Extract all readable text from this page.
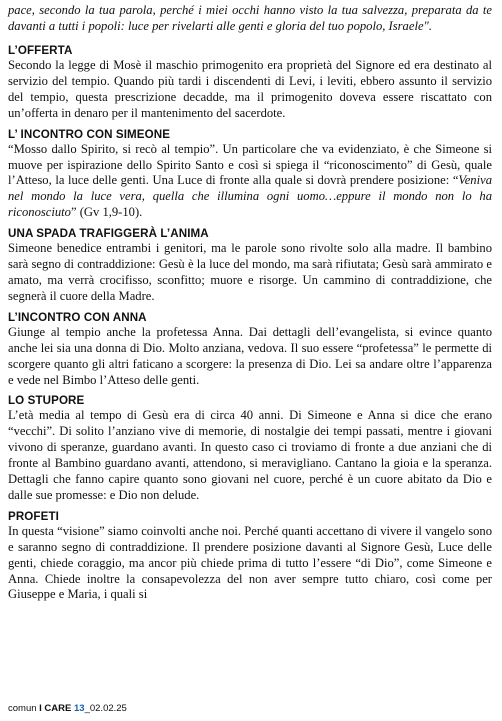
pace, secondo la tua parola, perché i miei occhi hanno visto la tua salvezza, preparata da te davanti a tutti i popoli: luce per rivelarti alle genti e gloria del tuo popolo, Israele".

L’OFFERTA

Secondo la legge di Mosè il maschio primogenito era proprietà del Signore ed era destinato al servizio del tempio. Quando più tardi i discendenti di Levi, i leviti, ebbero assunto il servizio del tempio, questa prescrizione decadde, ma il primogenito doveva essere riscattato con un’offerta in denaro per il mantenimento del sacerdote.

L’ INCONTRO CON SIMEONE

“Mosso dallo Spirito, si recò al tempio”. Un particolare che va evidenziato, è che Simeone si muove per ispirazione dello Spirito Santo e così si spiega il “riconoscimento” di Gesù, quale l’Atteso, la luce delle genti. Una Luce di fronte alla quale si dovrà prendere posizione: “Veniva nel mondo la luce vera, quella che illumina ogni uomo…eppure il mondo non lo ha riconosciuto” (Gv 1,9-10).

UNA SPADA TRAFIGGERÀ L’ANIMA

Simeone benedice entrambi i genitori, ma le parole sono rivolte solo alla madre. Il bambino sarà segno di contraddizione: Gesù è la luce del mondo, ma sarà rifiutata; Gesù sarà ammirato e amato, ma verrà crocifisso, sconfitto; muore e risorge. Un cammino di contraddizione, che segnerà il cuore della Madre.

L’INCONTRO CON ANNA

Giunge al tempio anche la profetessa Anna. Dai dettagli dell’evangelista, si evince quanto anche lei sia una donna di Dio. Molto anziana, vedova. Il suo essere “profetessa” le permette di scorgere quanto gli altri faticano a scorgere: la presenza di Dio. Lei sa andare oltre l’apparenza e vede nel Bimbo l’Atteso delle genti.

LO STUPORE

L’età media al tempo di Gesù era di circa 40 anni. Di Simeone e Anna si dice che erano “vecchi”. Di solito l’anziano vive di memorie, di nostalgie dei tempi passati, mentre i giovani vivono di speranze, guardano avanti. In questo caso ci troviamo di fronte a due anziani che di fronte al Bambino guardano avanti, attendono, si meravigliano. Cantano la gioia e la speranza. Dettagli che fanno capire quanto sono giovani nel cuore, perché è un cuore abitato da Dio e dalle sue promesse: e Dio non delude.

PROFETI

In questa “visione” siamo coinvolti anche noi. Perché quanti accettano di vivere il vangelo sono e saranno segno di contraddizione. Il prendere posizione davanti al Signore Gesù, Luce delle genti, chiede coraggio, ma ancor più chiede prima di tutto l’essere “di Dio”, come Simeone e Anna. Chiede inoltre la consapevolezza del non aver sempre tutto chiaro, così come per Giuseppe e Maria, i quali si

comun I CARE 13_02.02.25
